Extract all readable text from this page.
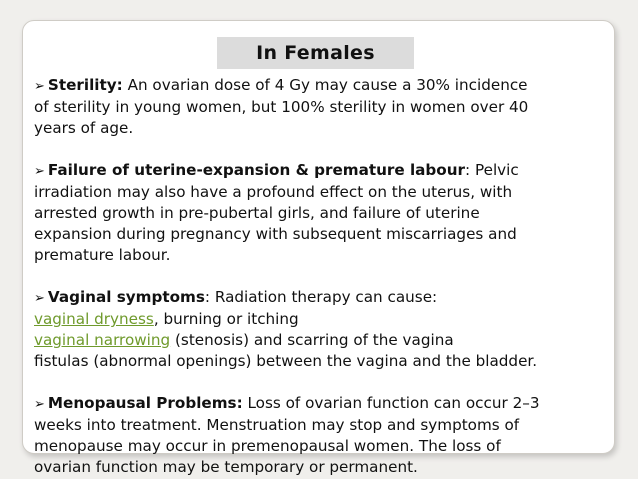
In Females
➢ Sterility: An ovarian dose of 4 Gy may cause a 30% incidence
of sterility in young women, but 100% sterility in women over 40
years of age.
➢ Failure of uterine-expansion & premature labour: Pelvic
irradiation may also have a profound effect on the uterus, with
arrested growth in pre-pubertal girls, and failure of uterine
expansion during pregnancy with subsequent miscarriages and
premature labour.
➢ Vaginal symptoms: Radiation therapy can cause:
vaginal dryness, burning or itching
vaginal narrowing (stenosis) and scarring of the vagina
fistulas (abnormal openings) between the vagina and the bladder.
➢ Menopausal Problems: Loss of ovarian function can occur 2–3
weeks into treatment. Menstruation may stop and symptoms of
menopause may occur in premenopausal women. The loss of
ovarian function may be temporary or permanent.
